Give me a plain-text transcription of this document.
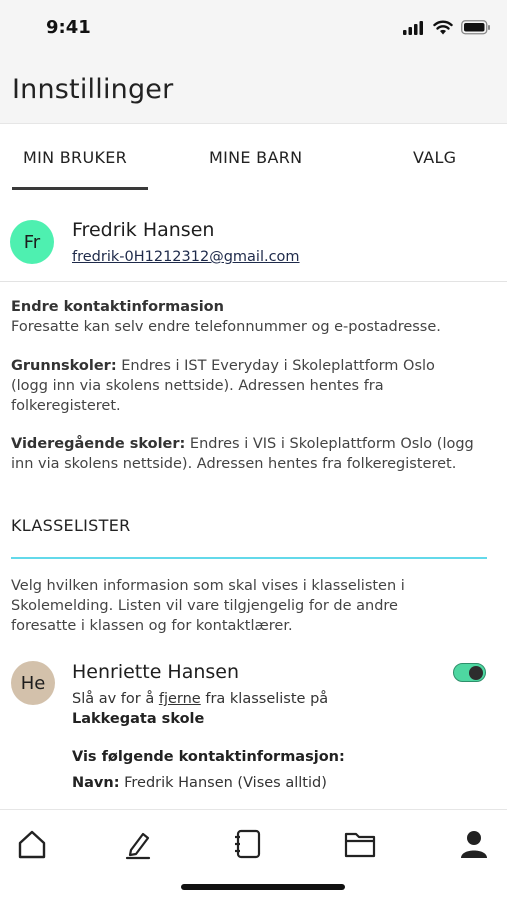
9:41
Innstillinger
MIN BRUKER	MINE BARN	VALG
Fr
Fredrik Hansen
fredrik-0H1212312@gmail.com
Endre kontaktinformasion
Foresatte kan selv endre telefonnummer og e-postadresse.
Grunnskoler: Endres i IST Everyday i Skoleplattform Oslo
(logg inn via skolens nettside). Adressen hentes fra
folkeregisteret.
Videregående skoler: Endres i VIS i Skoleplattform Oslo (logg
inn via skolens nettside). Adressen hentes fra folkeregisteret.
KLASSELISTER
Velg hvilken informasion som skal vises i klasselisten i
Skolemelding. Listen vil vare tilgjengelig for de andre
foresatte i klassen og for kontaktlærer.
He	Henriette Hansen
Slå av for å fjerne fra klasseliste på
Lakkegata skole
Vis følgende kontaktinformasjon:
Navn: Fredrik Hansen (Vises alltid)
